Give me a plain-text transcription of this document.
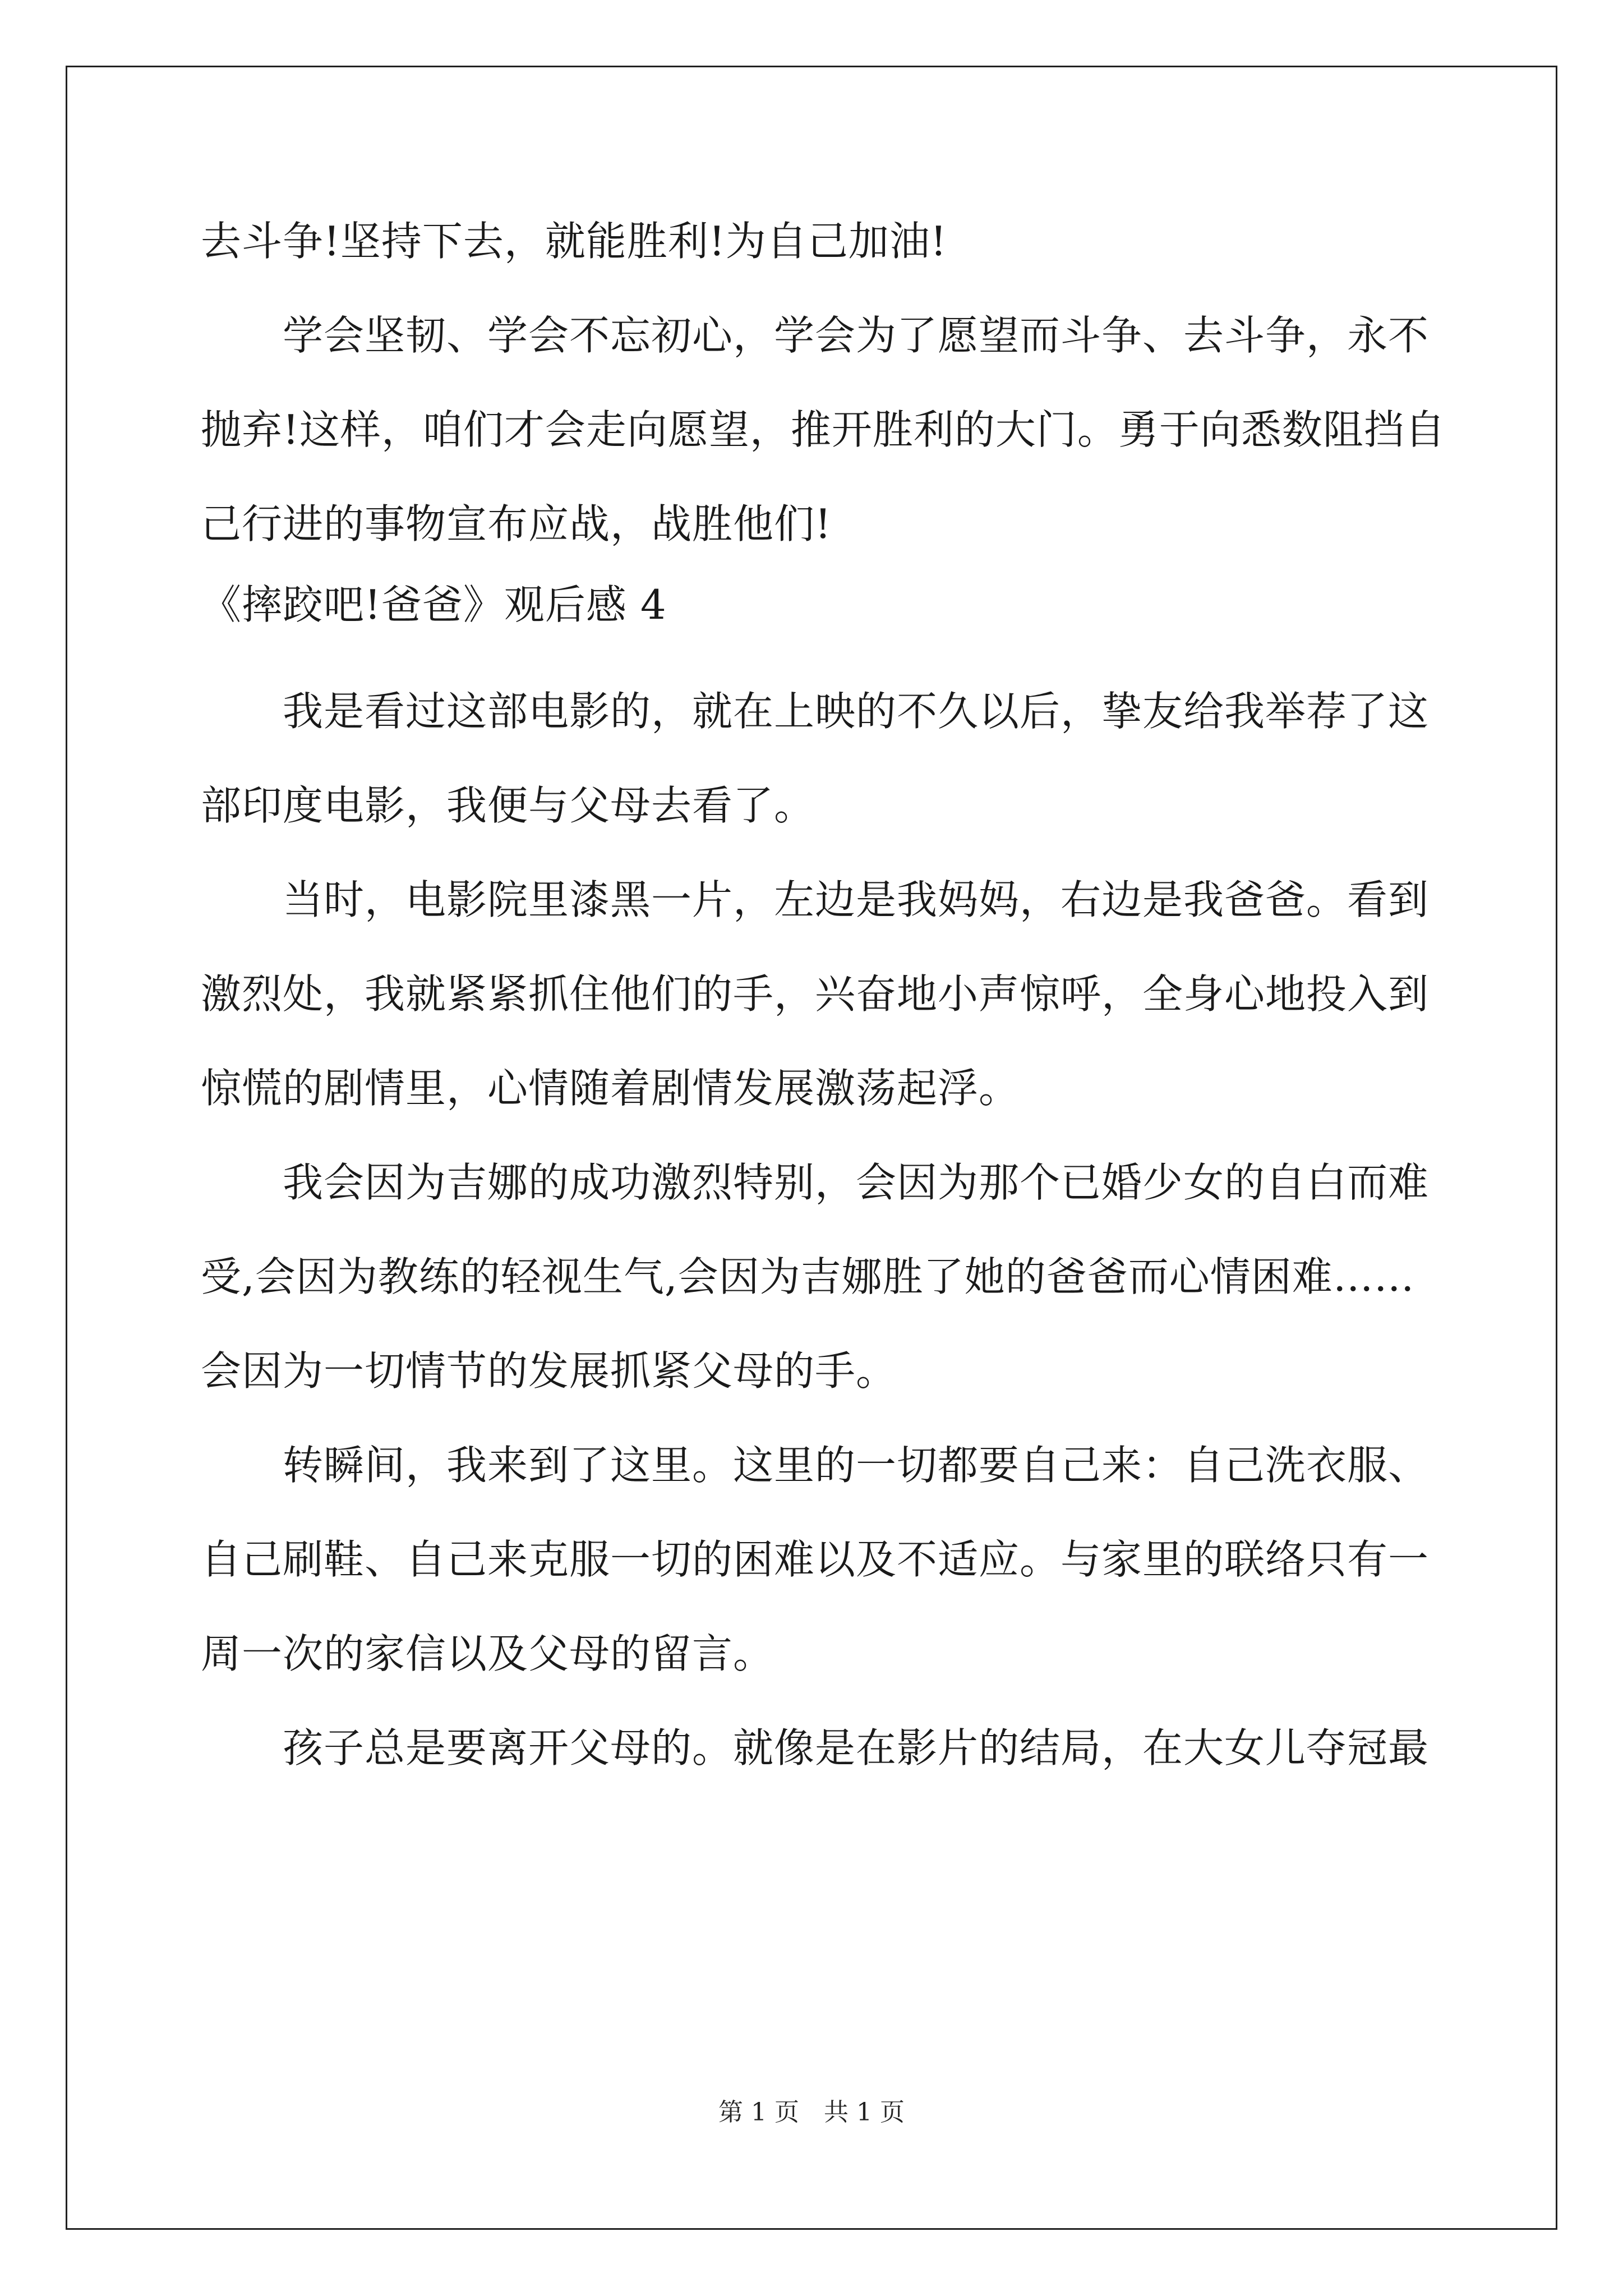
去斗争!坚持下去，就能胜利!为自己加油!
学会坚韧、学会不忘初心，学会为了愿望而斗争、去斗争，永不
抛弃!这样，咱们才会走向愿望，推开胜利的大门。勇于向悉数阻挡自
己行进的事物宣布应战，战胜他们!
《摔跤吧!爸爸》观后感 4
我是看过这部电影的，就在上映的不久以后，挚友给我举荐了这
部印度电影，我便与父母去看了。
当时，电影院里漆黑一片，左边是我妈妈，右边是我爸爸。看到
激烈处，我就紧紧抓住他们的手，兴奋地小声惊呼，全身心地投入到
惊慌的剧情里，心情随着剧情发展激荡起浮。
我会因为吉娜的成功激烈特别，会因为那个已婚少女的自白而难
受,会因为教练的轻视生气,会因为吉娜胜了她的爸爸而心情困难……
会因为一切情节的发展抓紧父母的手。
转瞬间，我来到了这里。这里的一切都要自己来：自己洗衣服、
自己刷鞋、自己来克服一切的困难以及不适应。与家里的联络只有一
周一次的家信以及父母的留言。
孩子总是要离开父母的。就像是在影片的结局，在大女儿夺冠最
第 1 页　共 1 页
